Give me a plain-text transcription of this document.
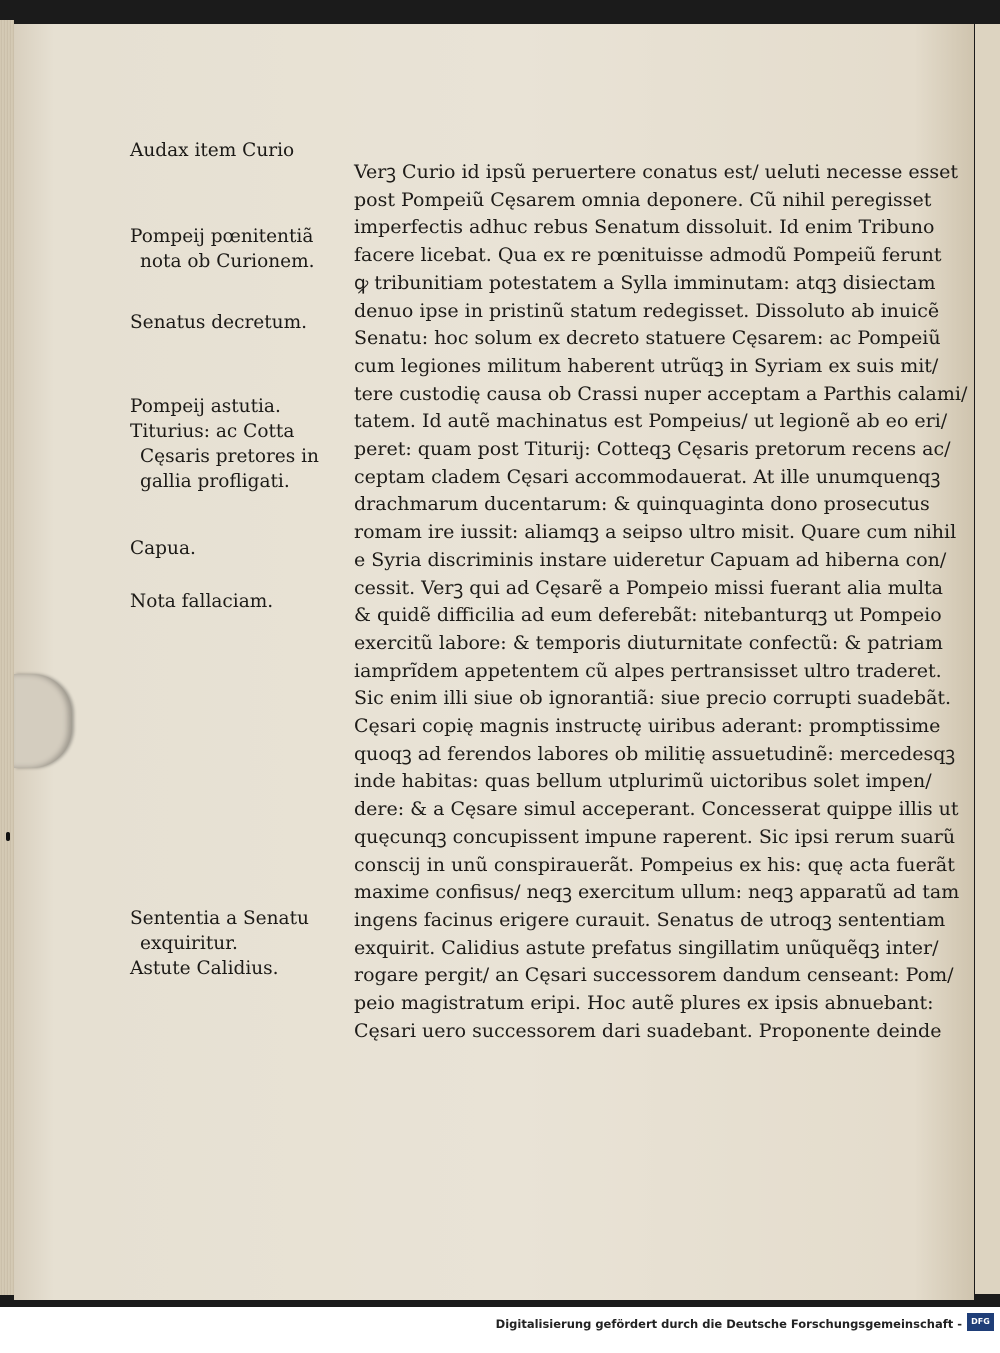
Audax item Curio
Pompeij pœnitentiã
nota ob Curionem.
Senatus decretum.
Pompeij astutia.
Titurius: ac Cotta
Cęsaris pretores in
gallia profligati.
Capua.
Nota fallaciam.
Sententia a Senatu
exquiritur.
Astute Calidius.
Verꝫ Curio id ipsũ peruertere conatus est/ ueluti necesse esset
post Pompeiũ Cęsarem omnia deponere. Cũ nihil peregisset
imperfectis adhuc rebus Senatum dissoluit. Id enim Tribuno
facere licebat. Qua ex re pœnituisse admodũ Pompeiũ ferunt
ꝙ tribunitiam potestatem a Sylla imminutam: atqꝫ disiectam
denuo ipse in pristinũ statum redegisset. Dissoluto ab inuicẽ
Senatu: hoc solum ex decreto statuere Cęsarem: ac Pompeiũ
cum legiones militum haberent utrũqꝫ in Syriam ex suis mit/
tere custodię causa ob Crassi nuper acceptam a Parthis calami/
tatem. Id autẽ machinatus est Pompeius/ ut legionẽ ab eo eri/
peret: quam post Titurij: Cotteqꝫ Cęsaris pretorum recens ac/
ceptam cladem Cęsari accommodauerat. At ille unumquenqꝫ
drachmarum ducentarum: & quinquaginta dono prosecutus
romam ire iussit: aliamqꝫ a seipso ultro misit. Quare cum nihil
e Syria discriminis instare uideretur Capuam ad hiberna con/
cessit. Verꝫ qui ad Cęsarẽ a Pompeio missi fuerant alia multa
& quidẽ difficilia ad eum deferebãt: nitebanturqꝫ ut Pompeio
exercitũ labore: & temporis diuturnitate confectũ: & patriam
iamprĩdem appetentem cũ alpes pertransisset ultro traderet.
Sic enim illi siue ob ignorantiã: siue precio corrupti suadebãt.
Cęsari copię magnis instructę uiribus aderant: promptissime
quoqꝫ ad ferendos labores ob militię assuetudinẽ: mercedesqꝫ
inde habitas: quas bellum utplurimũ uictoribus solet impen/
dere: & a Cęsare simul acceperant. Concesserat quippe illis ut
quęcunqꝫ concupissent impune raperent. Sic ipsi rerum suarũ
conscij in unũ conspirauerãt. Pompeius ex his: quę acta fuerãt
maxime confisus/ neqꝫ exercitum ullum: neqꝫ apparatũ ad tam
ingens facinus erigere curauit. Senatus de utroqꝫ sententiam
exquirit. Calidius astute prefatus singillatim unũquẽqꝫ inter/
rogare pergit/ an Cęsari successorem dandum censeant: Pom/
peio magistratum eripi. Hoc autẽ plures ex ipsis abnuebant:
Cęsari uero successorem dari suadebant. Proponente deinde
Digitalisierung gefördert durch die Deutsche Forschungsgemeinschaft -	DFG
